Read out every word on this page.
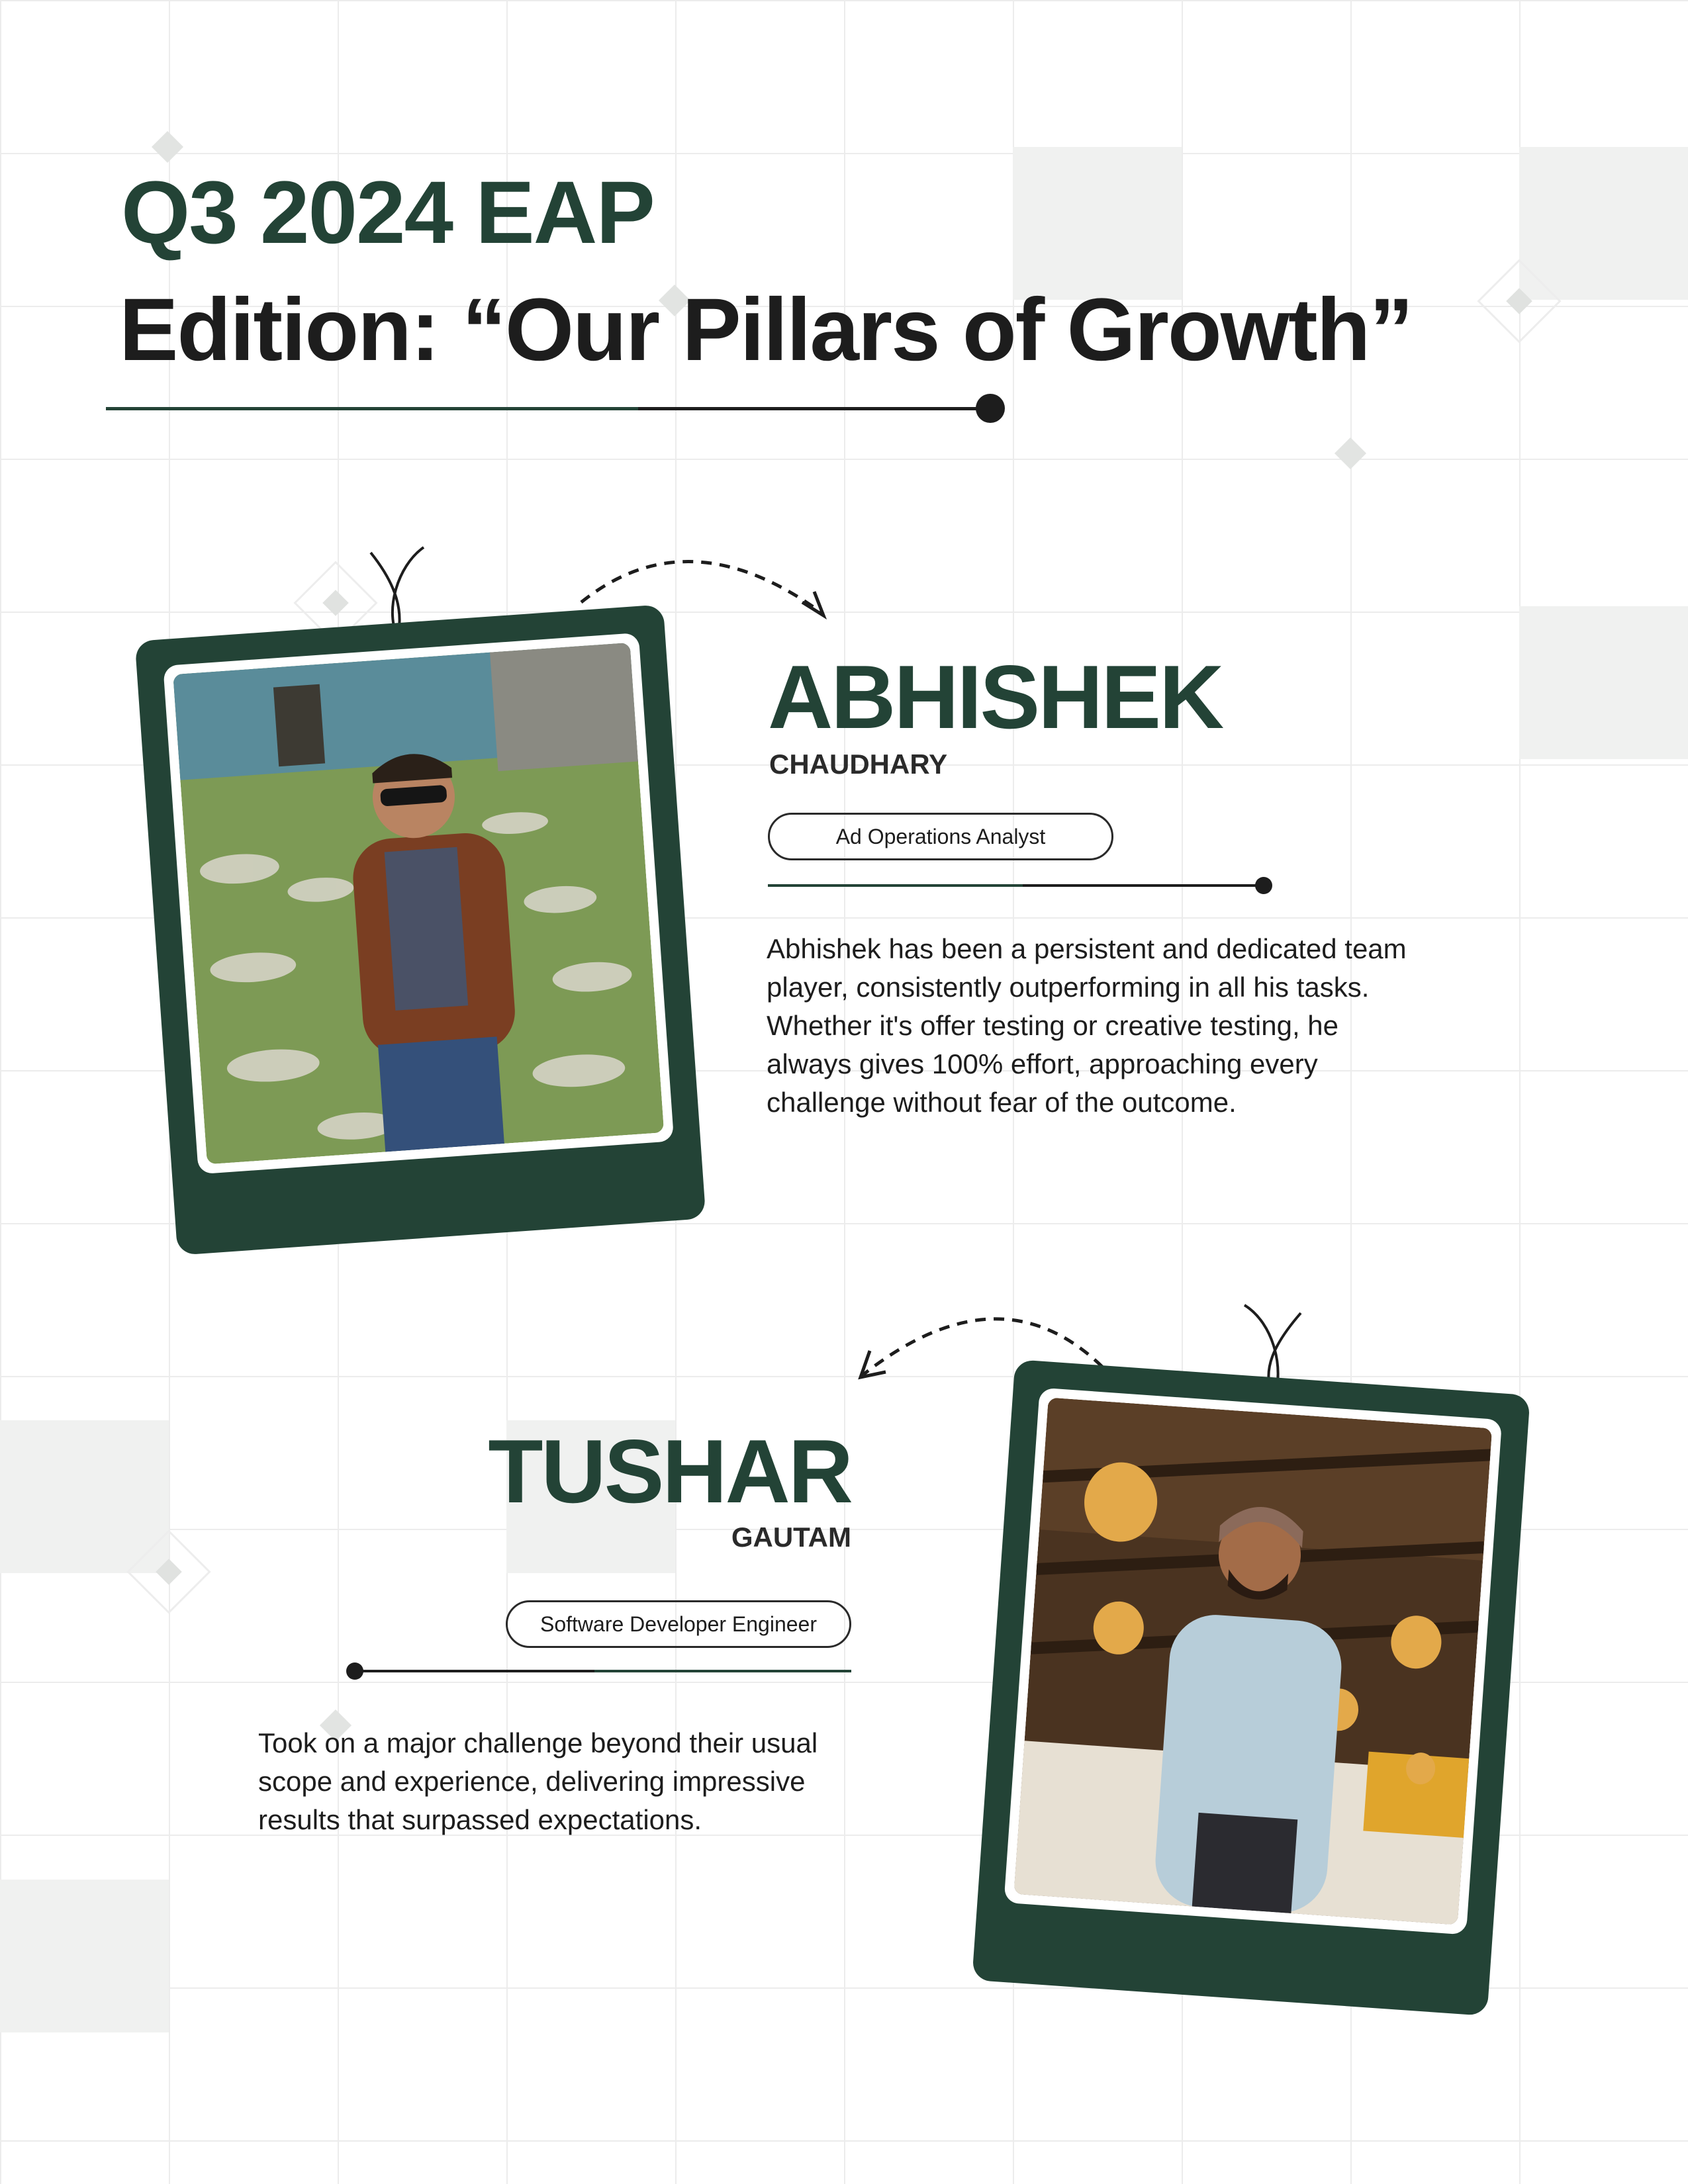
Q3 2024 EAP
Edition: “Our Pillars of Growth”
ABHISHEK
CHAUDHARY
Ad Operations Analyst
Abhishek has been a persistent and dedicated team player, consistently outperforming in all his tasks. Whether it's offer testing or creative testing, he always gives 100% effort, approaching every challenge without fear of the outcome.
TUSHAR
GAUTAM
Software Developer Engineer
Took on a major challenge beyond their usual scope and experience, delivering impressive results that surpassed expectations.
